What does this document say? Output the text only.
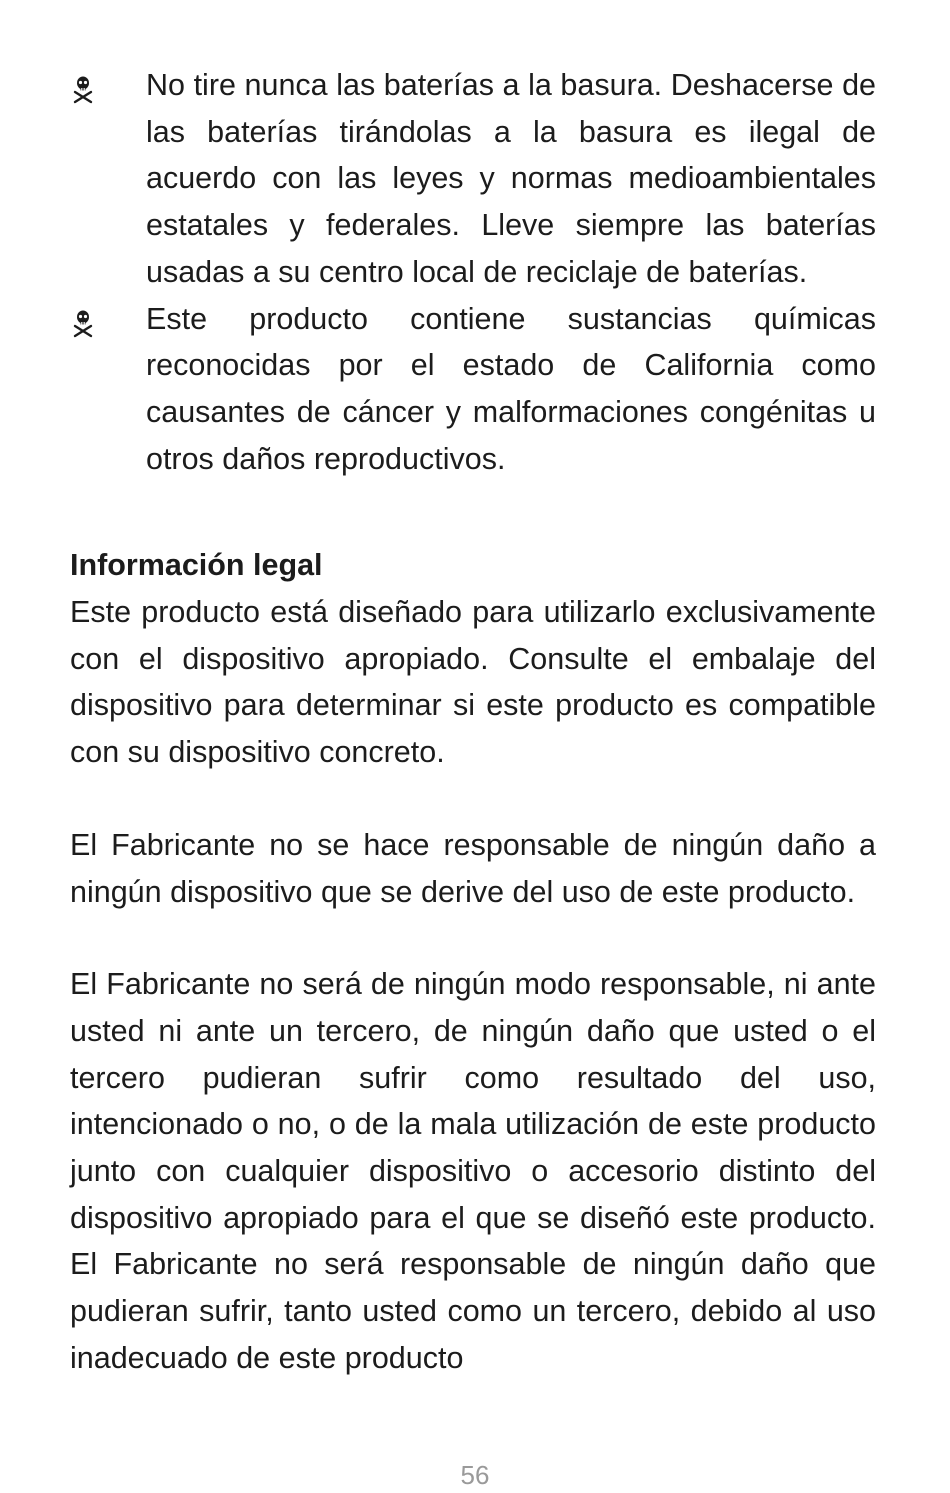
No tire nunca las baterías a la basura. Deshacerse de las baterías tirándolas a la basura es ilegal de acuerdo con las leyes y normas medioambientales estatales y federales. Lleve siempre las baterías usadas a su centro local de reciclaje de baterías.
Este producto contiene sustancias químicas reconocidas por el estado de California como causantes de cáncer y malformaciones congénitas u otros daños reproductivos.
Información legal

Este producto está diseñado para utilizarlo exclusivamente con el dispositivo apropiado. Consulte el embalaje del dispositivo para determinar si este producto es compatible con su dispositivo concreto.

El Fabricante no se hace responsable de ningún daño a ningún dispositivo que se derive del uso de este producto.

El Fabricante no será de ningún modo responsable, ni ante usted ni ante un tercero, de ningún daño que usted o el tercero pudieran sufrir como resultado del uso, intencionado o no, o de la mala utilización de este producto junto con cualquier dispositivo o accesorio distinto del dispositivo apropiado para el que se diseñó este producto. El Fabricante no será responsable de ningún daño que pudieran sufrir, tanto usted como un tercero, debido al uso inadecuado de este producto

56
